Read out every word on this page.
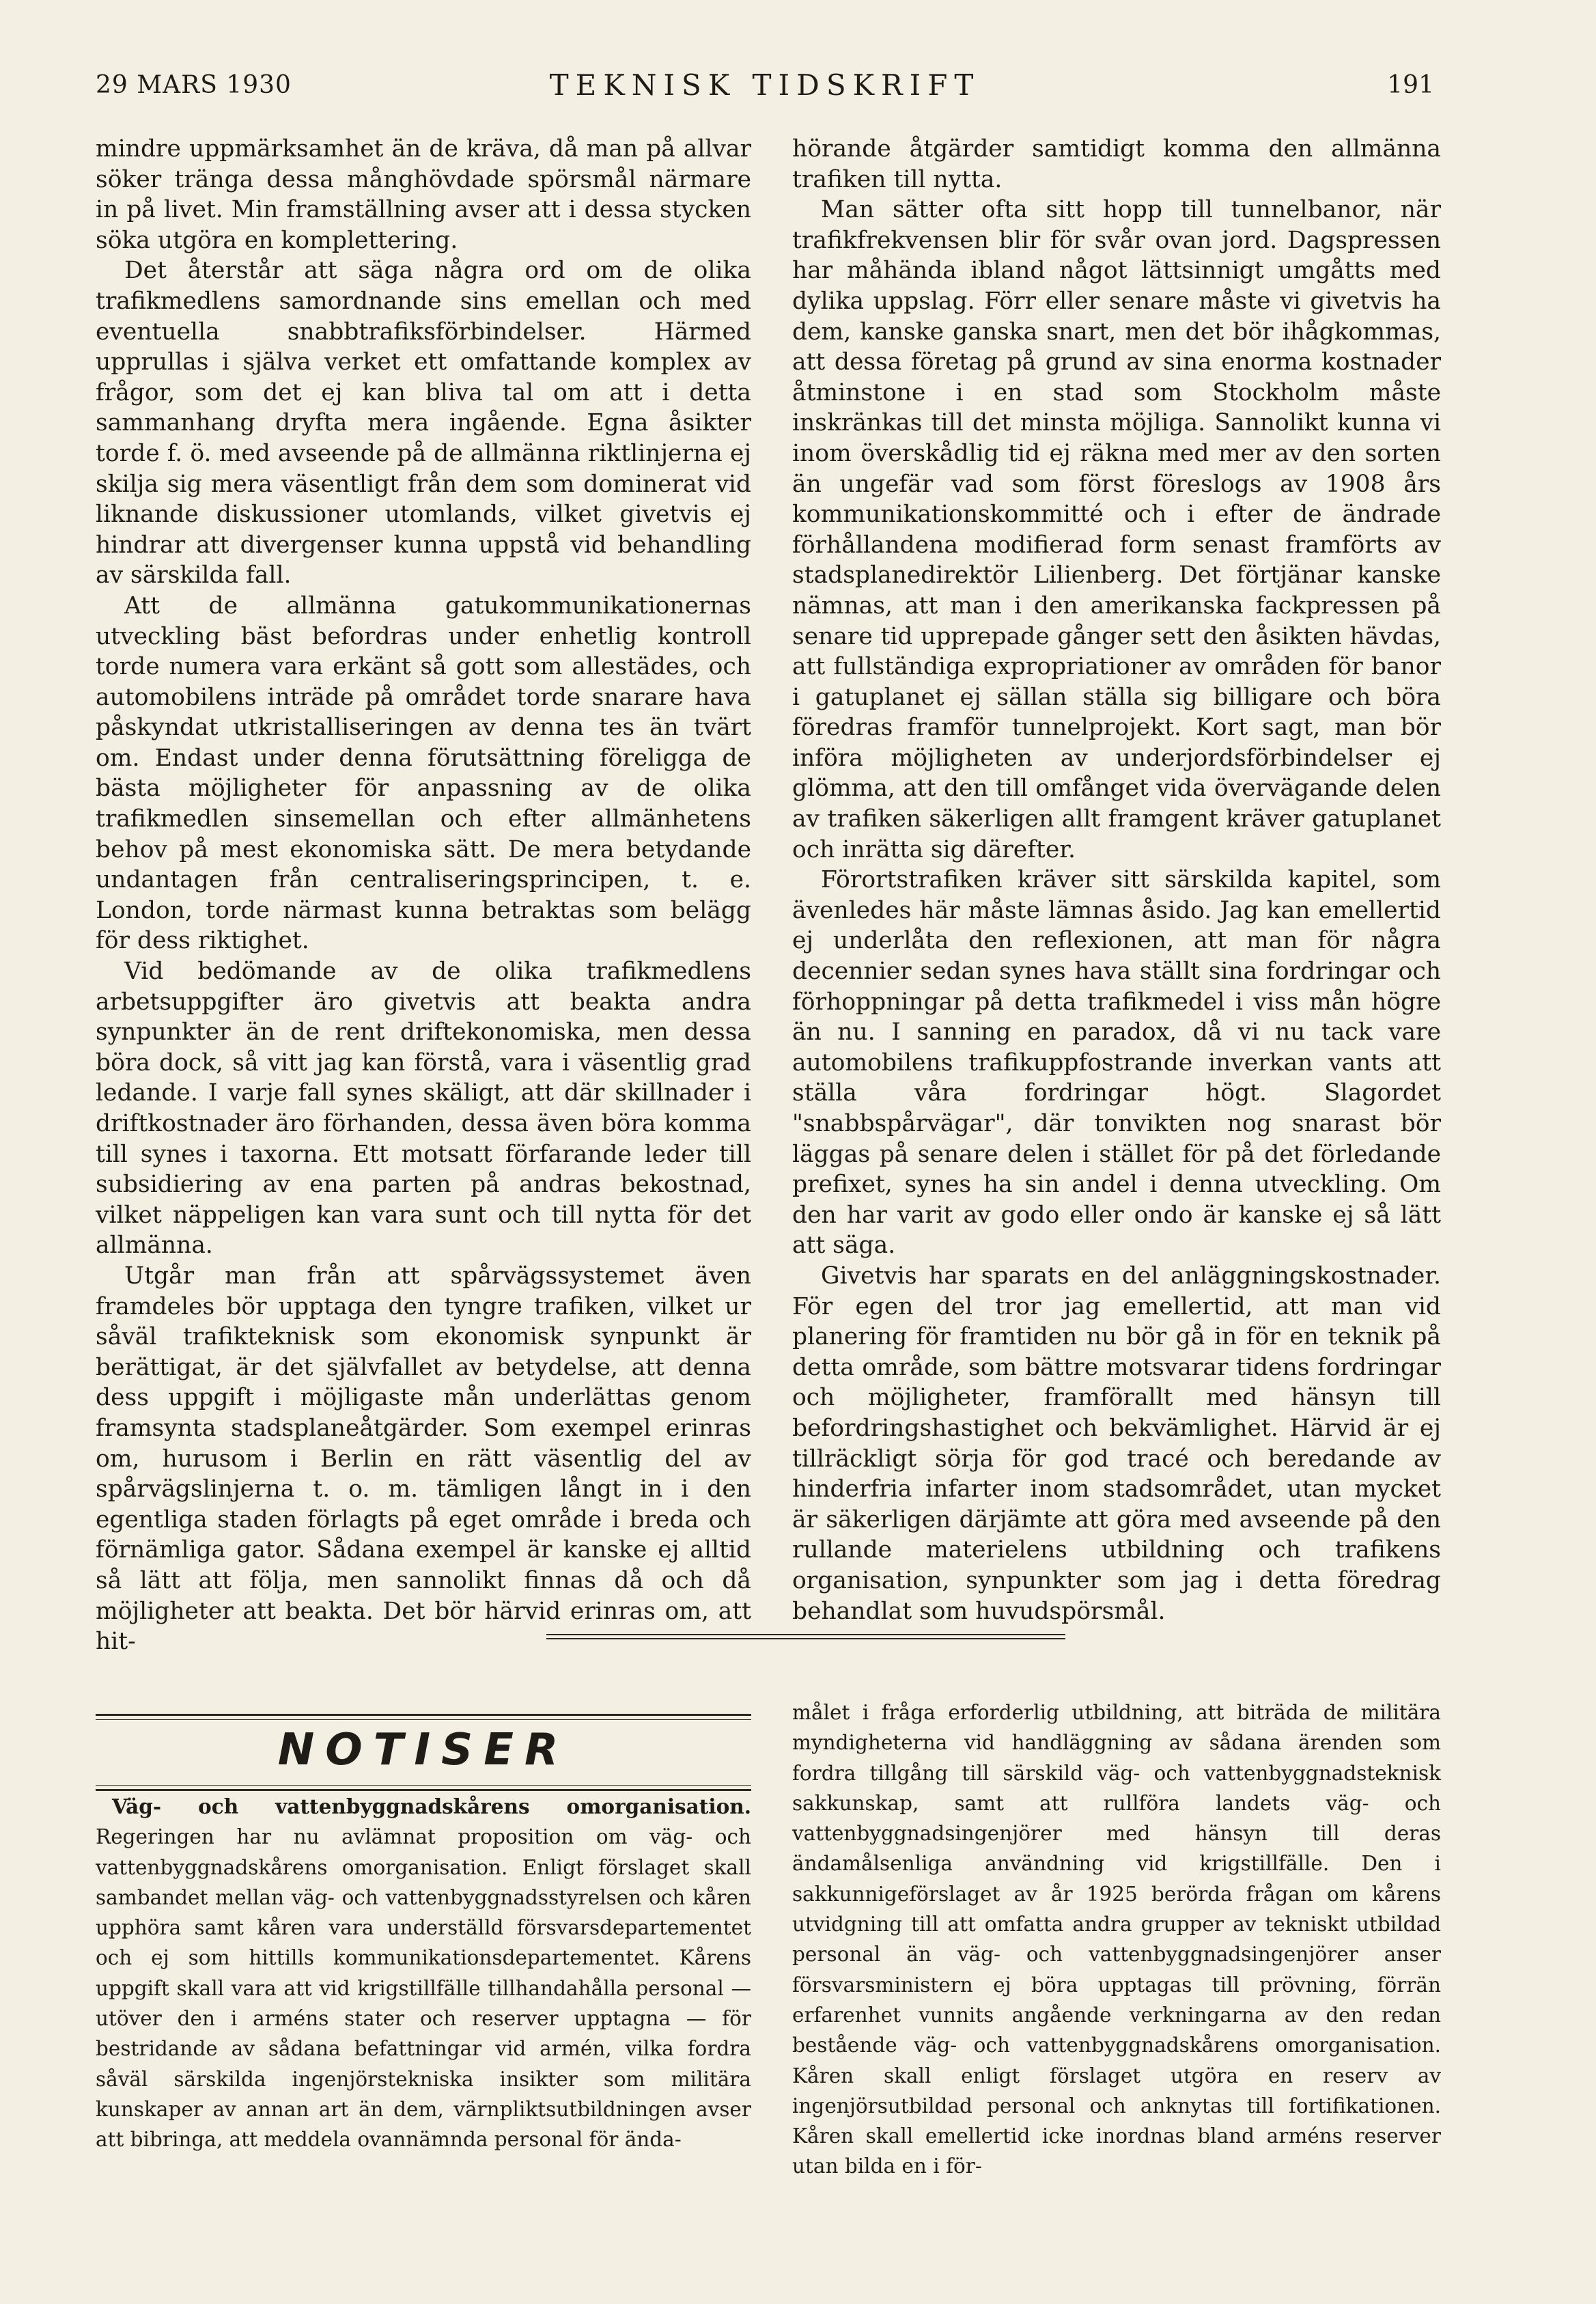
29 MARS 1930	TEKNISK TIDSKRIFT	191

mindre uppmärksamhet än de kräva, då man på allvar söker tränga dessa månghövdade spörsmål närmare in på livet. Min framställning avser att i dessa stycken söka utgöra en komplettering.

Det återstår att säga några ord om de olika trafikmedlens samordnande sins emellan och med eventuella snabbtrafiksförbindelser. Härmed upprullas i själva verket ett omfattande komplex av frågor, som det ej kan bliva tal om att i detta sammanhang dryfta mera ingående. Egna åsikter torde f. ö. med avseende på de allmänna riktlinjerna ej skilja sig mera väsentligt från dem som dominerat vid liknande diskussioner utomlands, vilket givetvis ej hindrar att divergenser kunna uppstå vid behandling av särskilda fall.

Att de allmänna gatukommunikationernas utveckling bäst befordras under enhetlig kontroll torde numera vara erkänt så gott som allestädes, och automobilens inträde på området torde snarare hava påskyndat utkristalliseringen av denna tes än tvärt om. Endast under denna förutsättning föreligga de bästa möjligheter för anpassning av de olika trafikmedlen sinsemellan och efter allmänhetens behov på mest ekonomiska sätt. De mera betydande undantagen från centraliseringsprincipen, t. e. London, torde närmast kunna betraktas som belägg för dess riktighet.

Vid bedömande av de olika trafikmedlens arbetsuppgifter äro givetvis att beakta andra synpunkter än de rent driftekonomiska, men dessa böra dock, så vitt jag kan förstå, vara i väsentlig grad ledande. I varje fall synes skäligt, att där skillnader i driftkostnader äro förhanden, dessa även böra komma till synes i taxorna. Ett motsatt förfarande leder till subsidiering av ena parten på andras bekostnad, vilket näppeligen kan vara sunt och till nytta för det allmänna.

Utgår man från att spårvägssystemet även framdeles bör upptaga den tyngre trafiken, vilket ur såväl trafikteknisk som ekonomisk synpunkt är berättigat, är det självfallet av betydelse, att denna dess uppgift i möjligaste mån underlättas genom framsynta stadsplaneåtgärder. Som exempel erinras om, hurusom i Berlin en rätt väsentlig del av spårvägslinjerna t. o. m. tämligen långt in i den egentliga staden förlagts på eget område i breda och förnämliga gator. Sådana exempel är kanske ej alltid så lätt att följa, men sannolikt finnas då och då möjligheter att beakta. Det bör härvid erinras om, att hit-

hörande åtgärder samtidigt komma den allmänna trafiken till nytta.

Man sätter ofta sitt hopp till tunnelbanor, när trafikfrekvensen blir för svår ovan jord. Dagspressen har måhända ibland något lättsinnigt umgåtts med dylika uppslag. Förr eller senare måste vi givetvis ha dem, kanske ganska snart, men det bör ihågkommas, att dessa företag på grund av sina enorma kostnader åtminstone i en stad som Stockholm måste inskränkas till det minsta möjliga. Sannolikt kunna vi inom överskådlig tid ej räkna med mer av den sorten än ungefär vad som först föreslogs av 1908 års kommunikationskommitté och i efter de ändrade förhållandena modifierad form senast framförts av stadsplanedirektör Lilienberg. Det förtjänar kanske nämnas, att man i den amerikanska fackpressen på senare tid upprepade gånger sett den åsikten hävdas, att fullständiga expropriationer av områden för banor i gatuplanet ej sällan ställa sig billigare och böra föredras framför tunnelprojekt. Kort sagt, man bör införa möjligheten av underjordsförbindelser ej glömma, att den till omfånget vida övervägande delen av trafiken säkerligen allt framgent kräver gatuplanet och inrätta sig därefter.

Förortstrafiken kräver sitt särskilda kapitel, som ävenledes här måste lämnas åsido. Jag kan emellertid ej underlåta den reflexionen, att man för några decennier sedan synes hava ställt sina fordringar och förhoppningar på detta trafikmedel i viss mån högre än nu. I sanning en paradox, då vi nu tack vare automobilens trafikuppfostrande inverkan vants att ställa våra fordringar högt. Slagordet "snabbspårvägar", där tonvikten nog snarast bör läggas på senare delen i stället för på det förledande prefixet, synes ha sin andel i denna utveckling. Om den har varit av godo eller ondo är kanske ej så lätt att säga.

Givetvis har sparats en del anläggningskostnader. För egen del tror jag emellertid, att man vid planering för framtiden nu bör gå in för en teknik på detta område, som bättre motsvarar tidens fordringar och möjligheter, framförallt med hänsyn till befordringshastighet och bekvämlighet. Härvid är ej tillräckligt sörja för god tracé och beredande av hinderfria infarter inom stadsområdet, utan mycket är säkerligen därjämte att göra med avseende på den rullande materielens utbildning och trafikens organisation, synpunkter som jag i detta föredrag behandlat som huvudspörsmål.

NOTISER

Väg- och vattenbyggnadskårens omorganisation. Regeringen har nu avlämnat proposition om väg- och vattenbyggnadskårens omorganisation. Enligt förslaget skall sambandet mellan väg- och vattenbyggnadsstyrelsen och kåren upphöra samt kåren vara underställd försvarsdepartementet och ej som hittills kommunikationsdepartementet. Kårens uppgift skall vara att vid krigstillfälle tillhandahålla personal — utöver den i arméns stater och reserver upptagna — för bestridande av sådana befattningar vid armén, vilka fordra såväl särskilda ingenjörstekniska insikter som militära kunskaper av annan art än dem, värnpliktsutbildningen avser att bibringa, att meddela ovannämnda personal för ända-

målet i fråga erforderlig utbildning, att biträda de militära myndigheterna vid handläggning av sådana ärenden som fordra tillgång till särskild väg- och vattenbyggnadsteknisk sakkunskap, samt att rullföra landets väg- och vattenbyggnadsingenjörer med hänsyn till deras ändamålsenliga användning vid krigstillfälle. Den i sakkunnigeförslaget av år 1925 berörda frågan om kårens utvidgning till att omfatta andra grupper av tekniskt utbildad personal än väg- och vattenbyggnadsingenjörer anser försvarsministern ej böra upptagas till prövning, förrän erfarenhet vunnits angående verkningarna av den redan bestående väg- och vattenbyggnadskårens omorganisation. Kåren skall enligt förslaget utgöra en reserv av ingenjörsutbildad personal och anknytas till fortifikationen. Kåren skall emellertid icke inordnas bland arméns reserver utan bilda en i för-
